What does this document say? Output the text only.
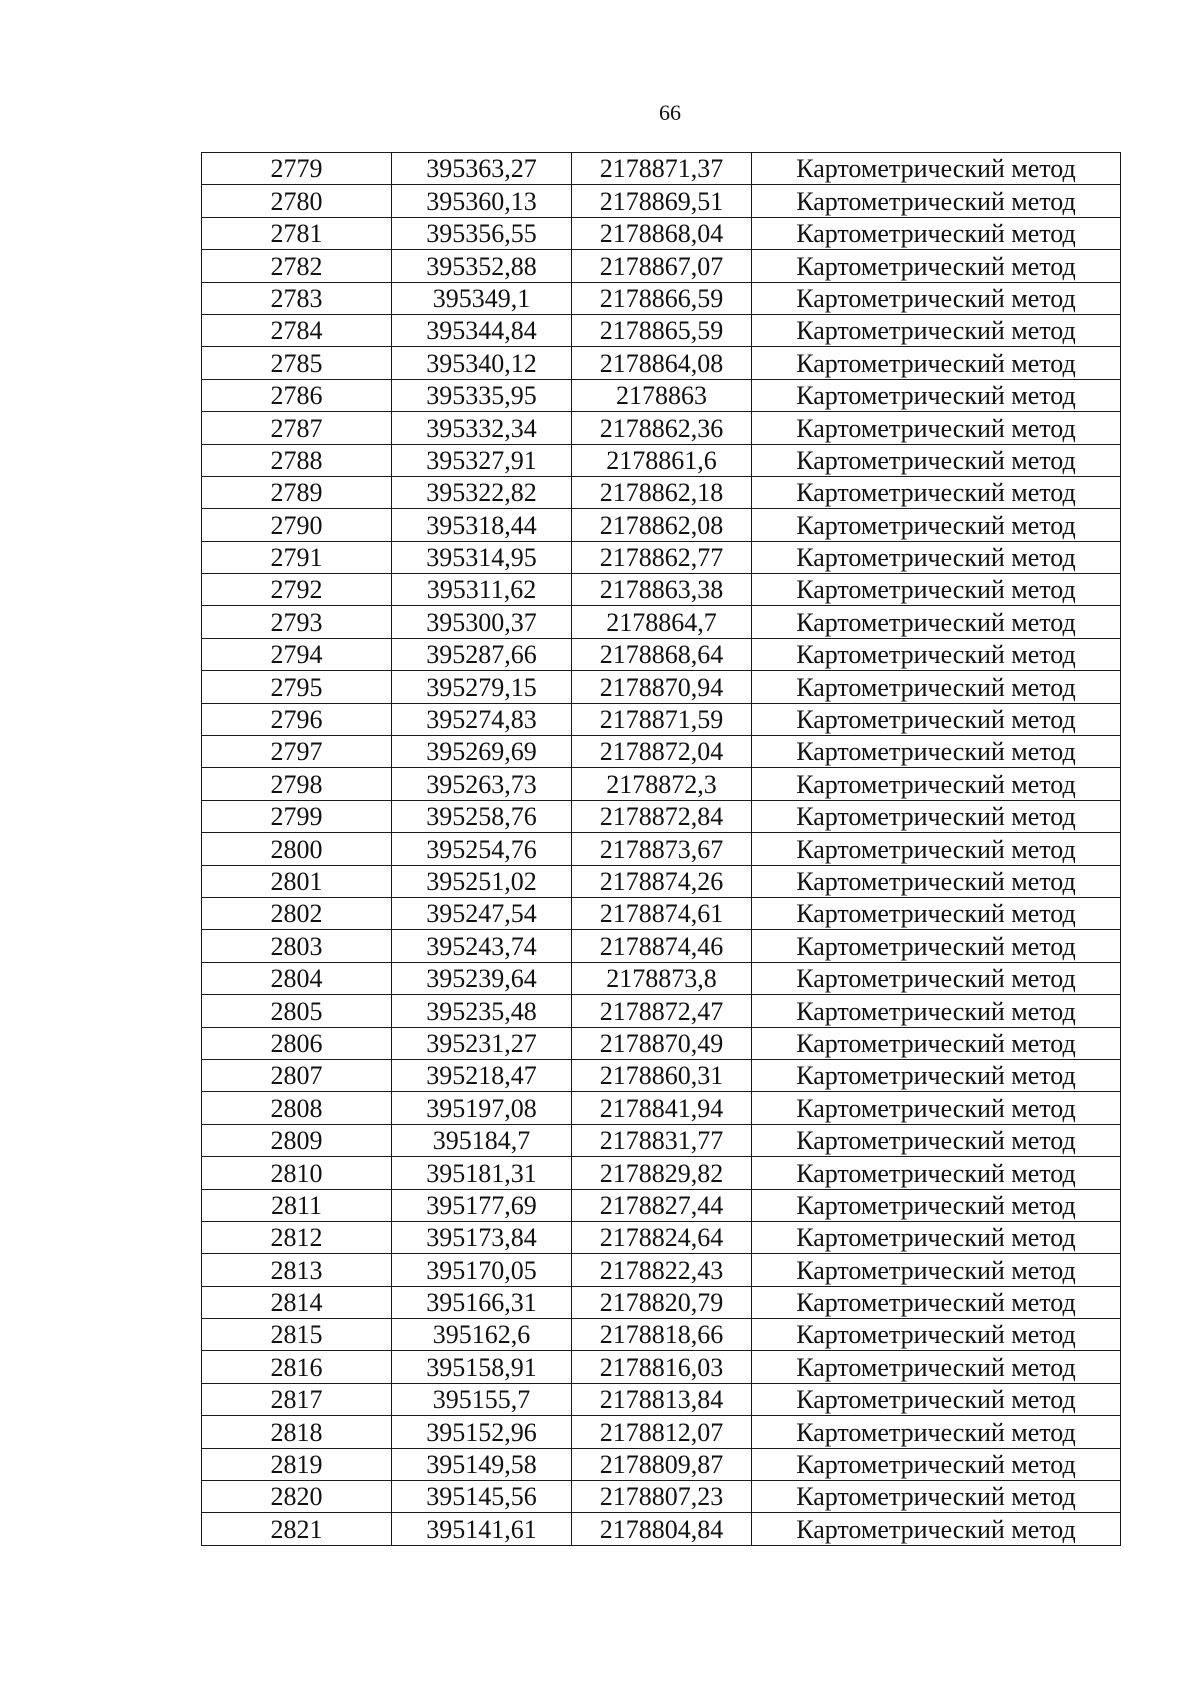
66
2779	395363,27	2178871,37	Картометрический метод
2780	395360,13	2178869,51	Картометрический метод
2781	395356,55	2178868,04	Картометрический метод
2782	395352,88	2178867,07	Картометрический метод
2783	395349,1	2178866,59	Картометрический метод
2784	395344,84	2178865,59	Картометрический метод
2785	395340,12	2178864,08	Картометрический метод
2786	395335,95	2178863	Картометрический метод
2787	395332,34	2178862,36	Картометрический метод
2788	395327,91	2178861,6	Картометрический метод
2789	395322,82	2178862,18	Картометрический метод
2790	395318,44	2178862,08	Картометрический метод
2791	395314,95	2178862,77	Картометрический метод
2792	395311,62	2178863,38	Картометрический метод
2793	395300,37	2178864,7	Картометрический метод
2794	395287,66	2178868,64	Картометрический метод
2795	395279,15	2178870,94	Картометрический метод
2796	395274,83	2178871,59	Картометрический метод
2797	395269,69	2178872,04	Картометрический метод
2798	395263,73	2178872,3	Картометрический метод
2799	395258,76	2178872,84	Картометрический метод
2800	395254,76	2178873,67	Картометрический метод
2801	395251,02	2178874,26	Картометрический метод
2802	395247,54	2178874,61	Картометрический метод
2803	395243,74	2178874,46	Картометрический метод
2804	395239,64	2178873,8	Картометрический метод
2805	395235,48	2178872,47	Картометрический метод
2806	395231,27	2178870,49	Картометрический метод
2807	395218,47	2178860,31	Картометрический метод
2808	395197,08	2178841,94	Картометрический метод
2809	395184,7	2178831,77	Картометрический метод
2810	395181,31	2178829,82	Картометрический метод
2811	395177,69	2178827,44	Картометрический метод
2812	395173,84	2178824,64	Картометрический метод
2813	395170,05	2178822,43	Картометрический метод
2814	395166,31	2178820,79	Картометрический метод
2815	395162,6	2178818,66	Картометрический метод
2816	395158,91	2178816,03	Картометрический метод
2817	395155,7	2178813,84	Картометрический метод
2818	395152,96	2178812,07	Картометрический метод
2819	395149,58	2178809,87	Картометрический метод
2820	395145,56	2178807,23	Картометрический метод
2821	395141,61	2178804,84	Картометрический метод
